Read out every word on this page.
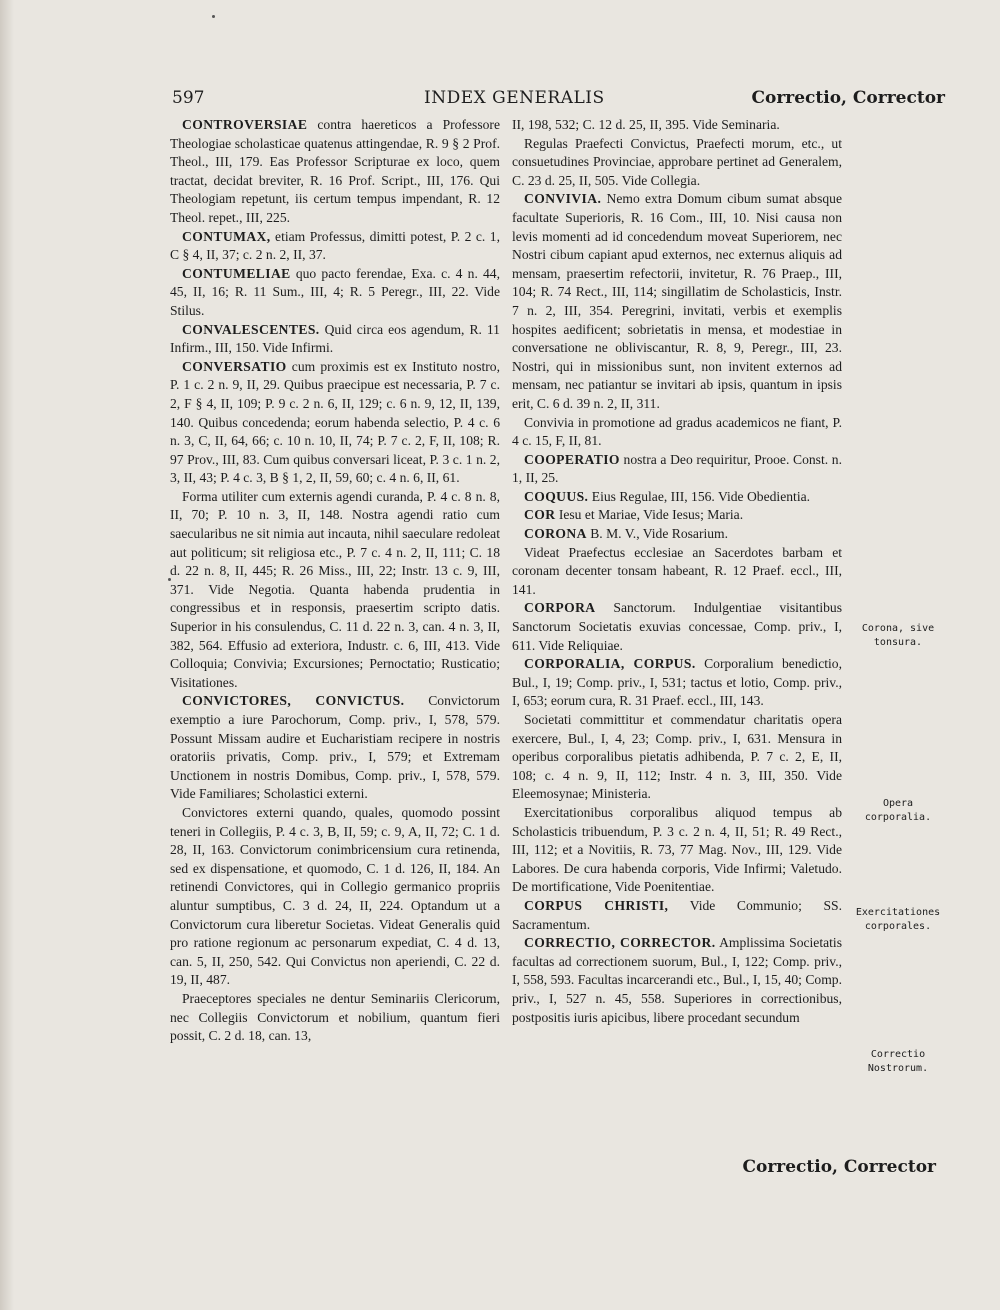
597	INDEX GENERALIS	Correctio, Corrector

CONTROVERSIAE contra haereticos a Professore Theologiae scholasticae quatenus attingendae, R. 9 § 2 Prof. Theol., III, 179. Eas Professor Scripturae ex loco, quem tractat, decidat breviter, R. 16 Prof. Script., III, 176. Qui Theologiam repetunt, iis certum tempus impendant, R. 12 Theol. repet., III, 225.

CONTUMAX, etiam Professus, dimitti potest, P. 2 c. 1, C § 4, II, 37; c. 2 n. 2, II, 37.

CONTUMELIAE quo pacto ferendae, Exa. c. 4 n. 44, 45, II, 16; R. 11 Sum., III, 4; R. 5 Peregr., III, 22. Vide Stilus.

CONVALESCENTES. Quid circa eos agendum, R. 11 Infirm., III, 150. Vide Infirmi.

CONVERSATIO cum proximis est ex Instituto nostro, P. 1 c. 2 n. 9, II, 29. Quibus praecipue est necessaria, P. 7 c. 2, F § 4, II, 109; P. 9 c. 2 n. 6, II, 129; c. 6 n. 9, 12, II, 139, 140. Quibus concedenda; eorum habenda selectio, P. 4 c. 6 n. 3, C, II, 64, 66; c. 10 n. 10, II, 74; P. 7 c. 2, F, II, 108; R. 97 Prov., III, 83. Cum quibus conversari liceat, P. 3 c. 1 n. 2, 3, II, 43; P. 4 c. 3, B § 1, 2, II, 59, 60; c. 4 n. 6, II, 61.

Forma utiliter cum externis agendi curanda, P. 4 c. 8 n. 8, II, 70; P. 10 n. 3, II, 148. Nostra agendi ratio cum saecularibus ne sit nimia aut incauta, nihil saeculare redoleat aut politicum; sit religiosa etc., P. 7 c. 4 n. 2, II, 111; C. 18 d. 22 n. 8, II, 445; R. 26 Miss., III, 22; Instr. 13 c. 9, III, 371. Vide Negotia. Quanta habenda prudentia in congressibus et in responsis, praesertim scripto datis. Superior in his consulendus, C. 11 d. 22 n. 3, can. 4 n. 3, II, 382, 564. Effusio ad exteriora, Industr. c. 6, III, 413. Vide Colloquia; Convivia; Excursiones; Pernoctatio; Rusticatio; Visitationes.

CONVICTORES, CONVICTUS. Convictorum exemptio a iure Parochorum, Comp. priv., I, 578, 579. Possunt Missam audire et Eucharistiam recipere in nostris oratoriis privatis, Comp. priv., I, 579; et Extremam Unctionem in nostris Domibus, Comp. priv., I, 578, 579. Vide Familiares; Scholastici externi.

Convictores externi quando, quales, quomodo possint teneri in Collegiis, P. 4 c. 3, B, II, 59; c. 9, A, II, 72; C. 1 d. 28, II, 163. Convictorum conimbricensium cura retinenda, sed ex dispensatione, et quomodo, C. 1 d. 126, II, 184. An retinendi Convictores, qui in Collegio germanico propriis aluntur sumptibus, C. 3 d. 24, II, 224. Optandum ut a Convictorum cura liberetur Societas. Videat Generalis quid pro ratione regionum ac personarum expediat, C. 4 d. 13, can. 5, II, 250, 542. Qui Convictus non aperiendi, C. 22 d. 19, II, 487.

Praeceptores speciales ne dentur Seminariis Clericorum, nec Collegiis Convictorum et nobilium, quantum fieri possit, C. 2 d. 18, can. 13,

II, 198, 532; C. 12 d. 25, II, 395. Vide Seminaria.

Regulas Praefecti Convictus, Praefecti morum, etc., ut consuetudines Provinciae, approbare pertinet ad Generalem, C. 23 d. 25, II, 505. Vide Collegia.

CONVIVIA. Nemo extra Domum cibum sumat absque facultate Superioris, R. 16 Com., III, 10. Nisi causa non levis momenti ad id concedendum moveat Superiorem, nec Nostri cibum capiant apud externos, nec externus aliquis ad mensam, praesertim refectorii, invitetur, R. 76 Praep., III, 104; R. 74 Rect., III, 114; singillatim de Scholasticis, Instr. 7 n. 2, III, 354. Peregrini, invitati, verbis et exemplis hospites aedificent; sobrietatis in mensa, et modestiae in conversatione ne obliviscantur, R. 8, 9, Peregr., III, 23. Nostri, qui in missionibus sunt, non invitent externos ad mensam, nec patiantur se invitari ab ipsis, quantum in ipsis erit, C. 6 d. 39 n. 2, II, 311.

Convivia in promotione ad gradus academicos ne fiant, P. 4 c. 15, F, II, 81.

COOPERATIO nostra a Deo requiritur, Prooe. Const. n. 1, II, 25.

COQUUS. Eius Regulae, III, 156. Vide Obedientia.

COR Iesu et Mariae, Vide Iesus; Maria.

CORONA B. M. V., Vide Rosarium.

Videat Praefectus ecclesiae an Sacerdotes barbam et coronam decenter tonsam habeant, R. 12 Praef. eccl., III, 141.

CORPORA Sanctorum. Indulgentiae visitantibus Sanctorum Societatis exuvias concessae, Comp. priv., I, 611. Vide Reliquiae.

CORPORALIA, CORPUS. Corporalium benedictio, Bul., I, 19; Comp. priv., I, 531; tactus et lotio, Comp. priv., I, 653; eorum cura, R. 31 Praef. eccl., III, 143.

Societati committitur et commendatur charitatis opera exercere, Bul., I, 4, 23; Comp. priv., I, 631. Mensura in operibus corporalibus pietatis adhibenda, P. 7 c. 2, E, II, 108; c. 4 n. 9, II, 112; Instr. 4 n. 3, III, 350. Vide Eleemosynae; Ministeria.

Exercitationibus corporalibus aliquod tempus ab Scholasticis tribuendum, P. 3 c. 2 n. 4, II, 51; R. 49 Rect., III, 112; et a Novitiis, R. 73, 77 Mag. Nov., III, 129. Vide Labores. De cura habenda corporis, Vide Infirmi; Valetudo. De mortificatione, Vide Poenitentiae.

CORPUS CHRISTI, Vide Communio; SS. Sacramentum.

CORRECTIO, CORRECTOR. Amplissima Societatis facultas ad correctionem suorum, Bul., I, 122; Comp. priv., I, 558, 593. Facultas incarcerandi etc., Bul., I, 15, 40; Comp. priv., I, 527 n. 45, 558. Superiores in correctionibus, postpositis iuris apicibus, libere procedant secundum

Corona, sive tonsura.
Opera corporalia.
Exercitationes corporales.
Correctio Nostrorum.
Correctio, Corrector
